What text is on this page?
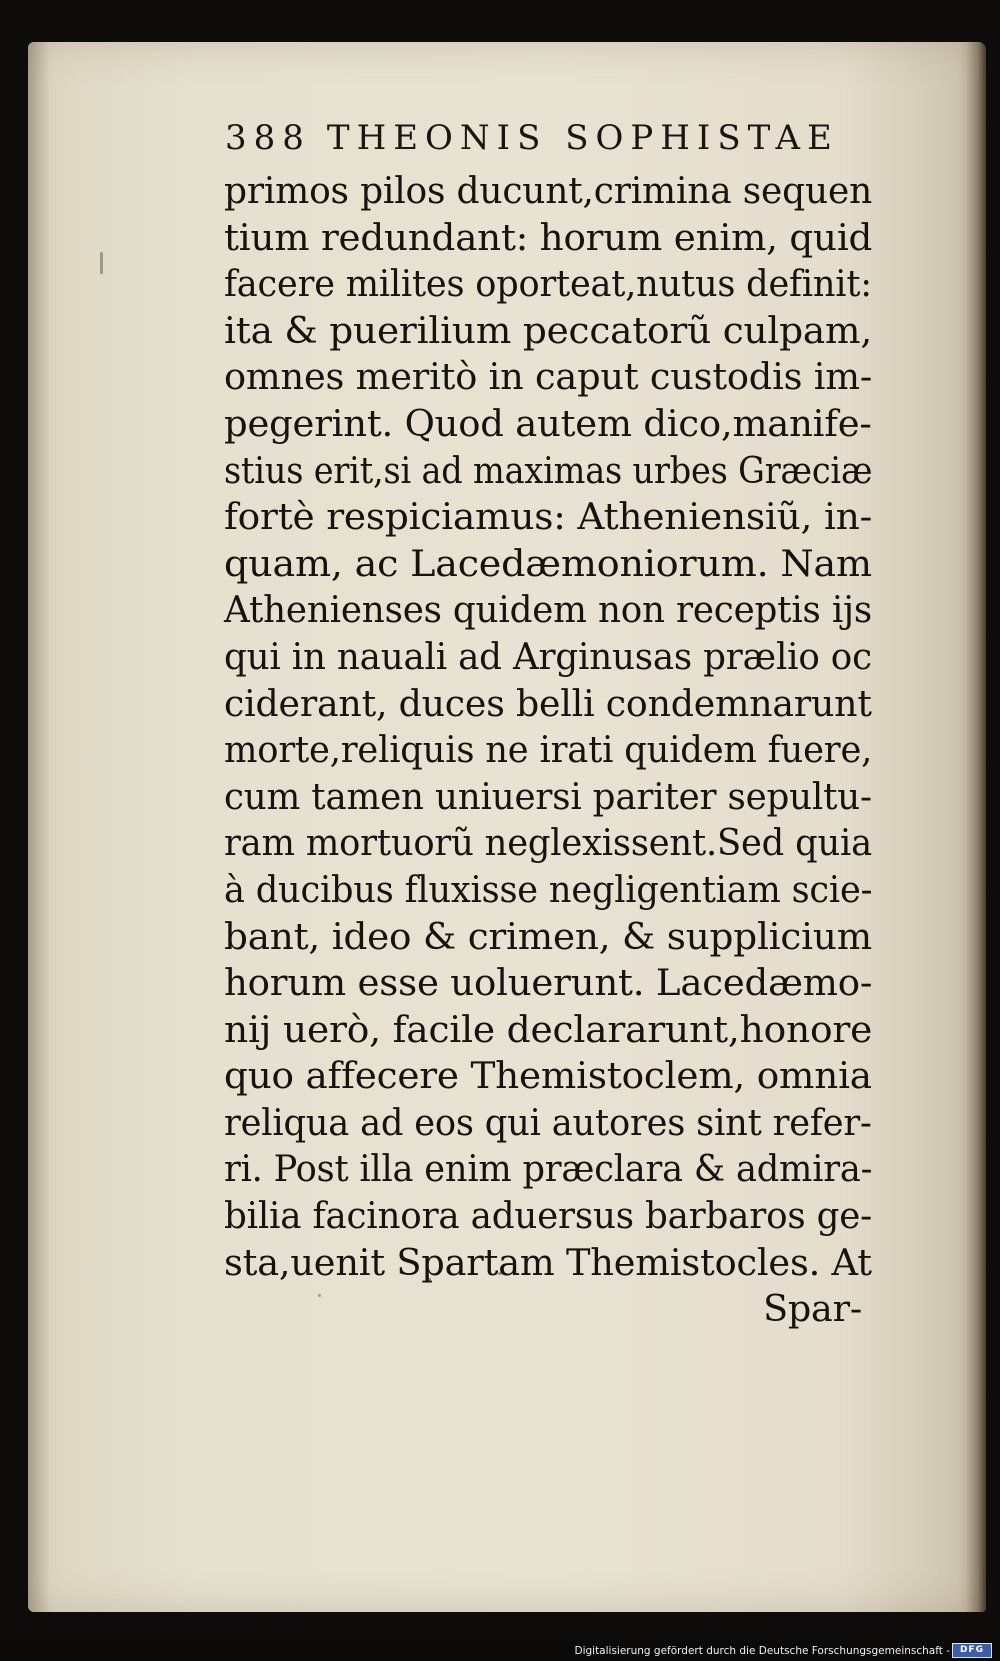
388 THEONIS SOPHISTAE
primos pilos ducunt,crimina sequen
tium redundant: horum enim, quid
facere milites oporteat,nutus definit:
ita & puerilium peccatorũ culpam,
omnes meritò in caput custodis im-
pegerint. Quod autem dico,manife-
stius erit,si ad maximas urbes Græciæ
fortè respiciamus: Atheniensiũ, in-
quam, ac Lacedæmoniorum. Nam
Athenienses quidem non receptis ijs
qui in nauali ad Arginusas prælio oc
ciderant, duces belli condemnarunt
morte,reliquis ne irati quidem fuere,
cum tamen uniuersi pariter sepultu-
ram mortuorũ neglexissent.Sed quia
à ducibus fluxisse negligentiam scie-
bant, ideo & crimen, & supplicium
horum esse uoluerunt. Lacedæmo-
nij uerò, facile declararunt,honore
quo affecere Themistoclem, omnia
reliqua ad eos qui autores sint refer-
ri. Post illa enim præclara & admira-
bilia facinora aduersus barbaros ge-
sta,uenit Spartam Themistocles. At
Spar-
Digitalisierung gefördert durch die Deutsche Forschungsgemeinschaft -	DFG
